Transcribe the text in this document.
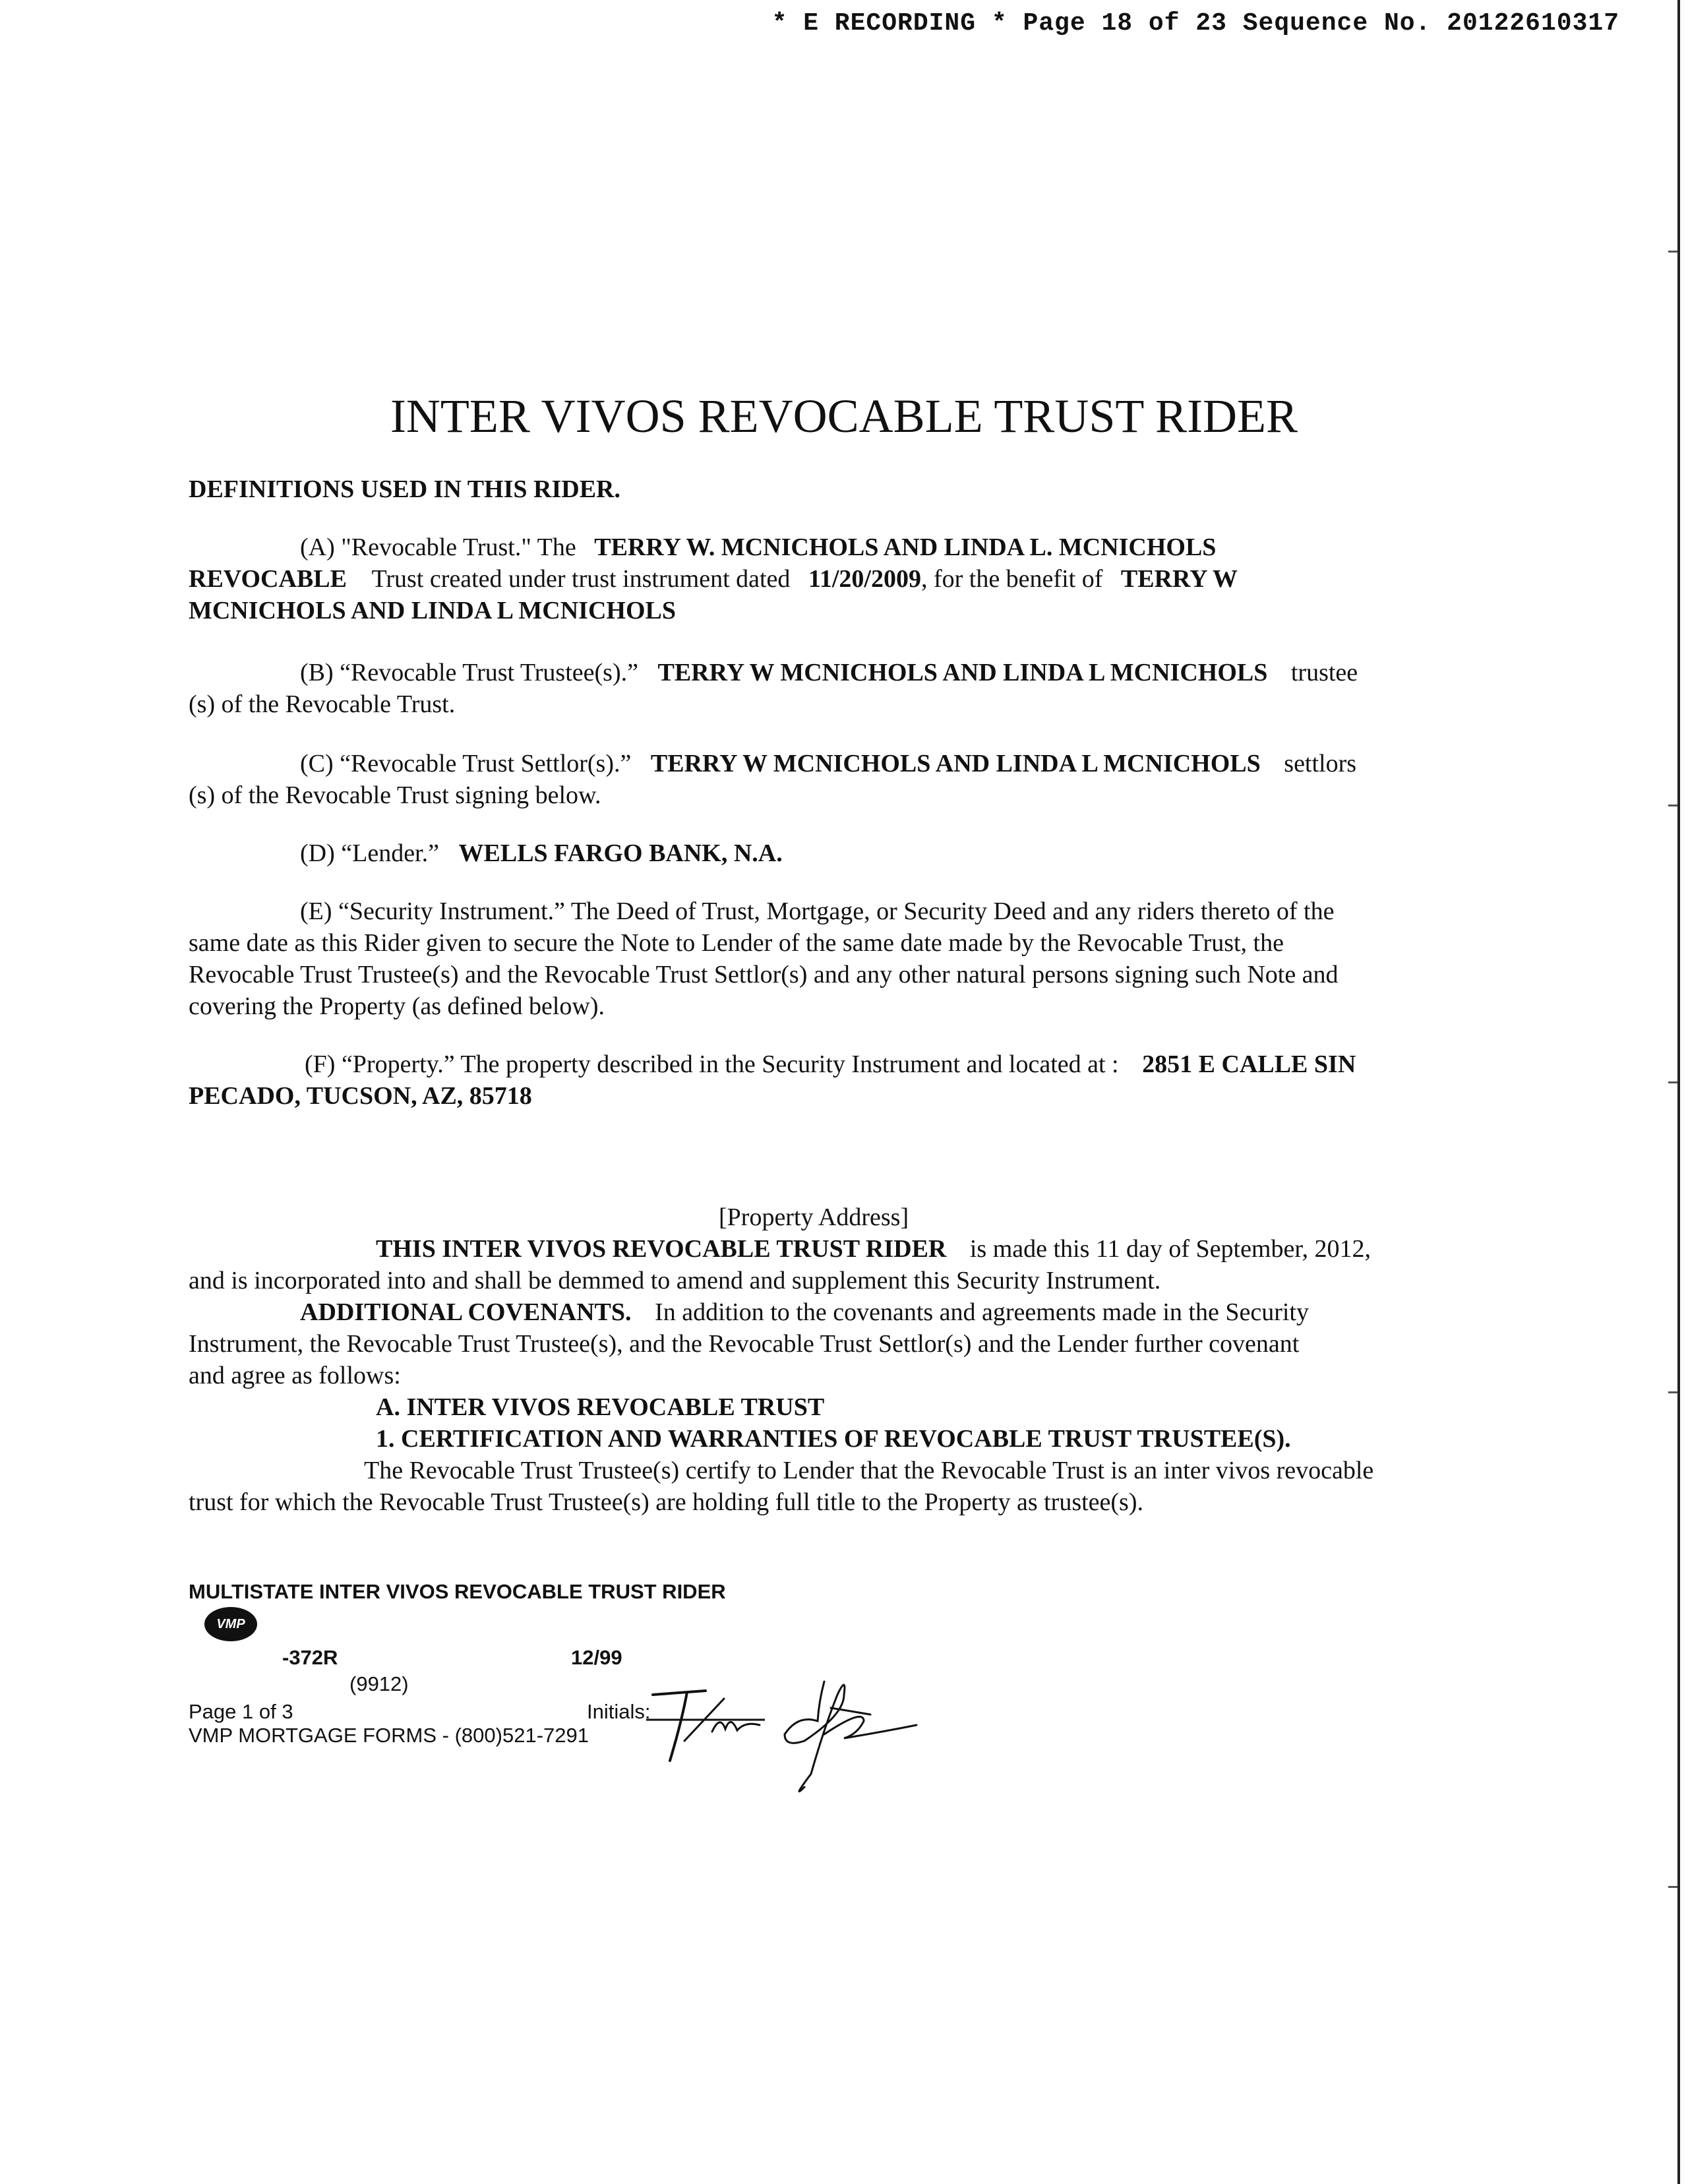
* E RECORDING * Page 18 of 23 Sequence No. 20122610317
INTER VIVOS REVOCABLE TRUST RIDER
DEFINITIONS USED IN THIS RIDER.
(A) "Revocable Trust." The TERRY W. MCNICHOLS AND LINDA L. MCNICHOLS
REVOCABLE Trust created under trust instrument dated 11/20/2009, for the benefit of TERRY W
MCNICHOLS AND LINDA L MCNICHOLS
(B) “Revocable Trust Trustee(s).” TERRY W MCNICHOLS AND LINDA L MCNICHOLS trustee
(s) of the Revocable Trust.
(C) “Revocable Trust Settlor(s).” TERRY W MCNICHOLS AND LINDA L MCNICHOLS settlors
(s) of the Revocable Trust signing below.
(D) “Lender.” WELLS FARGO BANK, N.A.
(E) “Security Instrument.” The Deed of Trust, Mortgage, or Security Deed and any riders thereto of the
same date as this Rider given to secure the Note to Lender of the same date made by the Revocable Trust, the
Revocable Trust Trustee(s) and the Revocable Trust Settlor(s) and any other natural persons signing such Note and
covering the Property (as defined below).
(F) “Property.” The property described in the Security Instrument and located at : 2851 E CALLE SIN
PECADO, TUCSON, AZ, 85718
[Property Address]
THIS INTER VIVOS REVOCABLE TRUST RIDER is made this 11 day of September, 2012,
and is incorporated into and shall be demmed to amend and supplement this Security Instrument.
ADDITIONAL COVENANTS. In addition to the covenants and agreements made in the Security
Instrument, the Revocable Trust Trustee(s), and the Revocable Trust Settlor(s) and the Lender further covenant
and agree as follows:
A. INTER VIVOS REVOCABLE TRUST
1. CERTIFICATION AND WARRANTIES OF REVOCABLE TRUST TRUSTEE(S).
The Revocable Trust Trustee(s) certify to Lender that the Revocable Trust is an inter vivos revocable
trust for which the Revocable Trust Trustee(s) are holding full title to the Property as trustee(s).
MULTISTATE INTER VIVOS REVOCABLE TRUST RIDER
VMP
-372R	12/99
(9912)
Page 1 of 3	Initials:
VMP MORTGAGE FORMS - (800)521-7291
